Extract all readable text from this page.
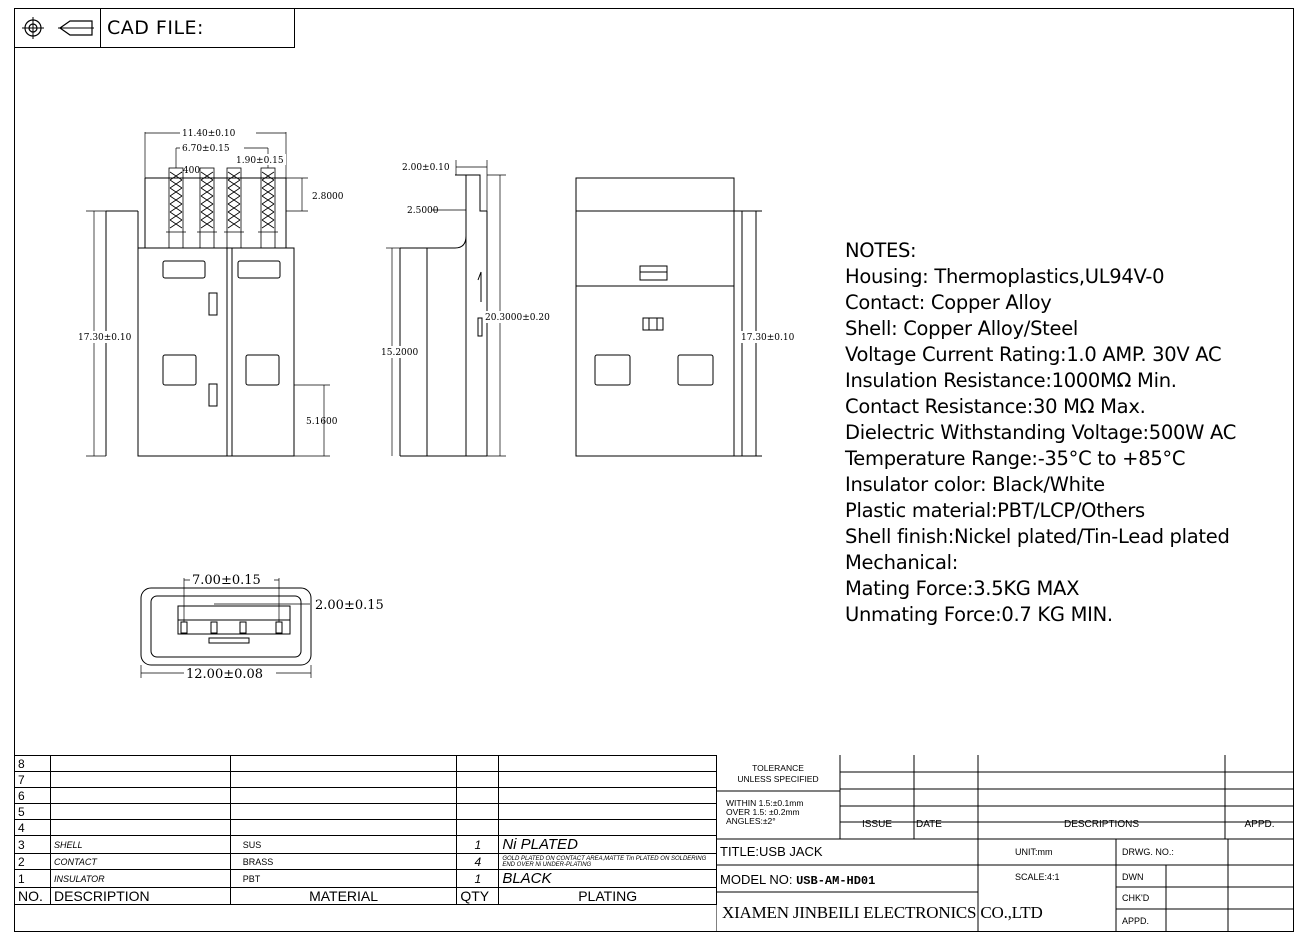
CAD FILE:
11.40±0.10
6.70±0.15
1.90±0.15
.400
2.8000
17.30±0.10
5.1600
2.00±0.10
2.5000
20.3000±0.20
15.2000
17.30±0.10
7.00±0.15
2.00±0.15
12.00±0.08
NOTES:
Housing: Thermoplastics,UL94V-0
Contact: Copper Alloy
Shell: Copper Alloy/Steel
Voltage Current Rating:1.0 AMP. 30V AC
Insulation Resistance:1000MΩ Min.
Contact Resistance:30 MΩ Max.
Dielectric Withstanding Voltage:500W AC
Temperature Range:-35°C to +85°C
Insulator color: Black/White
Plastic material:PBT/LCP/Others
Shell finish:Nickel plated/Tin-Lead plated
Mechanical:
Mating Force:3.5KG MAX
Unmating Force:0.7 KG MIN.
8				
7				
6				
5				
4				
3	SHELL	SUS	1	Ni PLATED
2	CONTACT	BRASS	4	GOLD PLATED ON CONTACT AREA,MATTE Tin PLATED ON SOLDERING END OVER Ni UNDER-PLATING
1	INSULATOR	PBT	1	BLACK
NO.	DESCRIPTION	MATERIAL	QTY	PLATING
TOLERANCE
UNLESS SPECIFIED
WITHIN 1.5:±0.1mm
OVER 1.5: ±0.2mm
ANGLES:±2°	ISSUE	DATE	DESCRIPTIONS	APPD.
TITLE:USB JACK	UNIT:mm	DRWG. NO.:
MODEL NO: USB-AM-HD01	SCALE:4:1	DWN
CHK'D
APPD.
XIAMEN JINBEILI ELECTRONICS CO.,LTD
